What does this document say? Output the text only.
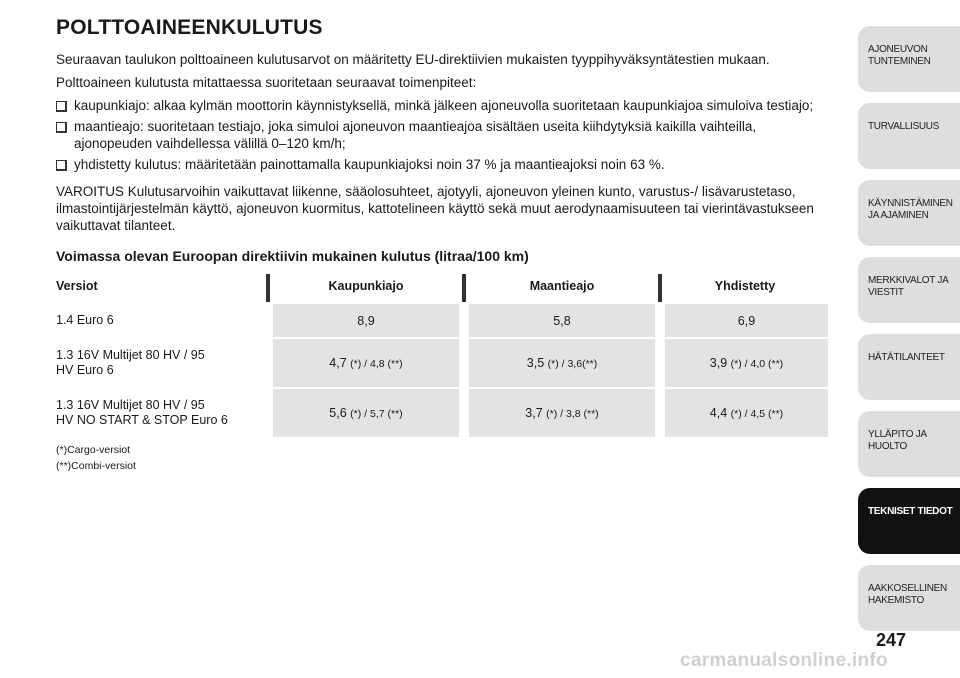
POLTTOAINEENKULUTUS

Seuraavan taulukon polttoaineen kulutusarvot on määritetty EU-direktiivien mukaisten tyyppihyväksyntätestien mukaan.

Polttoaineen kulutusta mitattaessa suoritetaan seuraavat toimenpiteet:

kaupunkiajo: alkaa kylmän moottorin käynnistyksellä, minkä jälkeen ajoneuvolla suoritetaan kaupunkiajoa simuloiva testiajo;
maantieajo: suoritetaan testiajo, joka simuloi ajoneuvon maantieajoa sisältäen useita kiihdytyksiä kaikilla vaihteilla, ajonopeuden vaihdellessa välillä 0–120 km/h;
yhdistetty kulutus: määritetään painottamalla kaupunkiajoksi noin 37 % ja maantieajoksi noin 63 %.

VAROITUS Kulutusarvoihin vaikuttavat liikenne, sääolosuhteet, ajotyyli, ajoneuvon yleinen kunto, varustus-/ lisävarustetaso, ilmastointijärjestelmän käyttö, ajoneuvon kuormitus, kattotelineen käyttö sekä muut aerodynaamisuuteen tai vierintävastukseen vaikuttavat tilanteet.

Voimassa olevan Euroopan direktiivin mukainen kulutus (litraa/100 km)
Versiot	Kaupunkiajo	Maantieajo	Yhdistetty
1.4 Euro 6	8,9	5,8	6,9
1.3 16V Multijet 80 HV / 95
HV Euro 6	4,7 (*) / 4,8 (**)	3,5 (*) / 3,6(**)	3,9 (*) / 4,0 (**)
1.3 16V Multijet 80 HV / 95
HV NO START & STOP Euro 6	5,6 (*) / 5,7 (**)	3,7 (*) / 3,8 (**)	4,4 (*) / 4,5 (**)
(*)Cargo-versiot
(**)Combi-versiot
AJONEUVON
TUNTEMINEN
TURVALLISUUS

KÄYNNISTÄMINEN
JA AJAMINEN
MERKKIVALOT JA
VIESTIT
HÄTÄTILANTEET

YLLÄPITO JA HUOLTO

TEKNISET TIEDOT

AAKKOSELLINEN
HAKEMISTO
247
carmanualsonline.info
